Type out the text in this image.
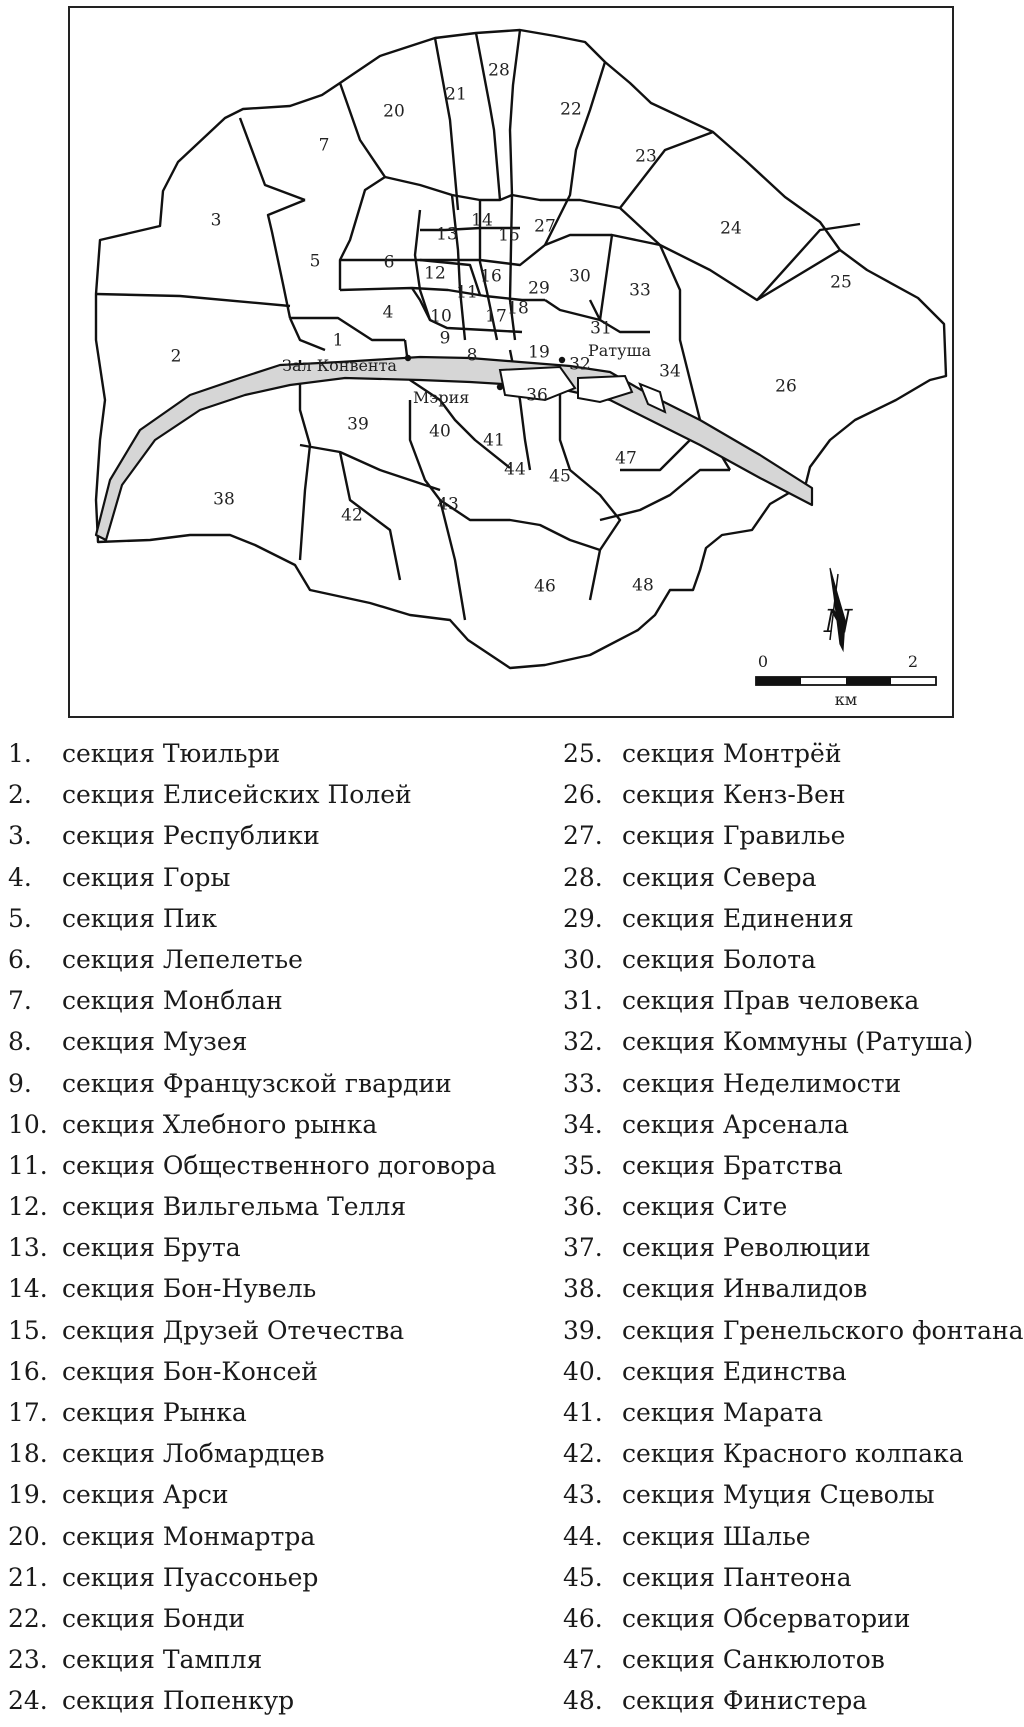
Зал Конвента
Ратуша
Мэрия
1
2
3
4
5	6
7
8
9
10
11
12
13
14
15
16
17 18
19
20
21
22
23
24
25
26
27
28
29
30
31
32
33
34
36
38
39	40 41
42
43
44 45
46
47
48
N
0	2
км
1. секция Тюильри
2. секция Елисейских Полей
3. секция Республики
4. секция Горы
5. секция Пик
6. секция Лепелетье
7. секция Монблан
8. секция Музея
9. секция Французской гвардии
10. секция Хлебного рынка
11. секция Общественного договора
12. секция Вильгельма Телля
13. секция Брута
14. секция Бон-Нувель
15. секция Друзей Отечества
16. секция Бон-Консей
17. секция Рынка
18. секция Лобмардцев
19. секция Арси
20. секция Монмартра
21. секция Пуассоньер
22. секция Бонди
23. секция Тампля
24. секция Попенкур
25. секция Монтрёй
26. секция Кенз-Вен
27. секция Гравилье
28. секция Севера
29. секция Единения
30. секция Болота
31. секция Прав человека
32. секция Коммуны (Ратуша)
33. секция Неделимости
34. секция Арсенала
35. секция Братства
36. секция Сите
37. секция Революции
38. секция Инвалидов
39. секция Гренельского фонтана
40. секция Единства
41. секция Марата
42. секция Красного колпака
43. секция Муция Сцеволы
44. секция Шалье
45. секция Пантеона
46. секция Обсерватории
47. секция Санкюлотов
48. секция Финистера
